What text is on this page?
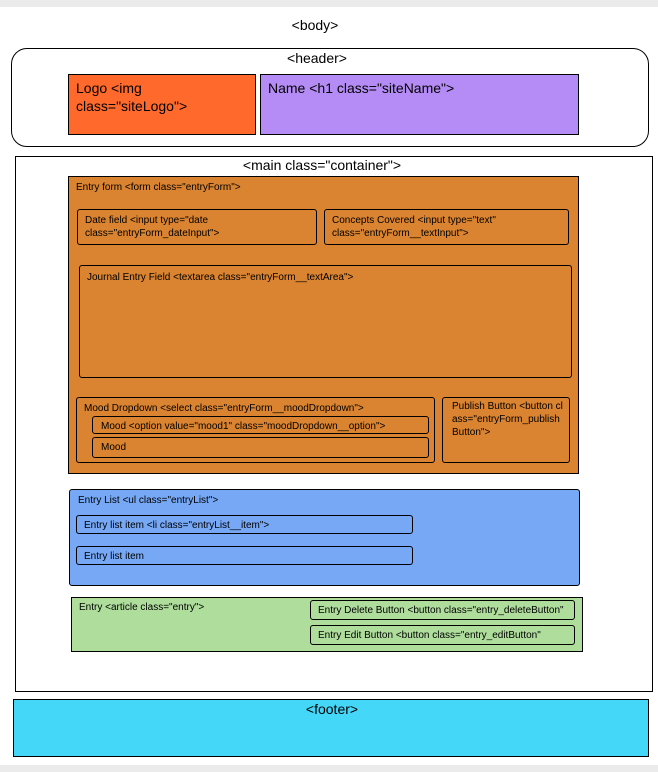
<body>
<header>
Logo <img class="siteLogo">
Name <h1 class="siteName">
<main class="container">
Entry form <form class="entryForm">
Date field <input type="date class="entryForm_dateInput">
Concepts Covered <input type="text" class="entryForm__textInput">
Journal Entry Field <textarea class="entryForm__textArea">
Mood Dropdown <select class="entryForm__moodDropdown">
Mood <option value="mood1" class="moodDropdown__option">
Mood
Publish Button <button class="entryForm_publishButton">
Entry List <ul class="entryList">
Entry list item <li class="entryList__item">
Entry list item
Entry <article class="entry">	Entry Delete Button <button class="entry_deleteButton"
Entry Edit Button <button class="entry_editButton"
<footer>
